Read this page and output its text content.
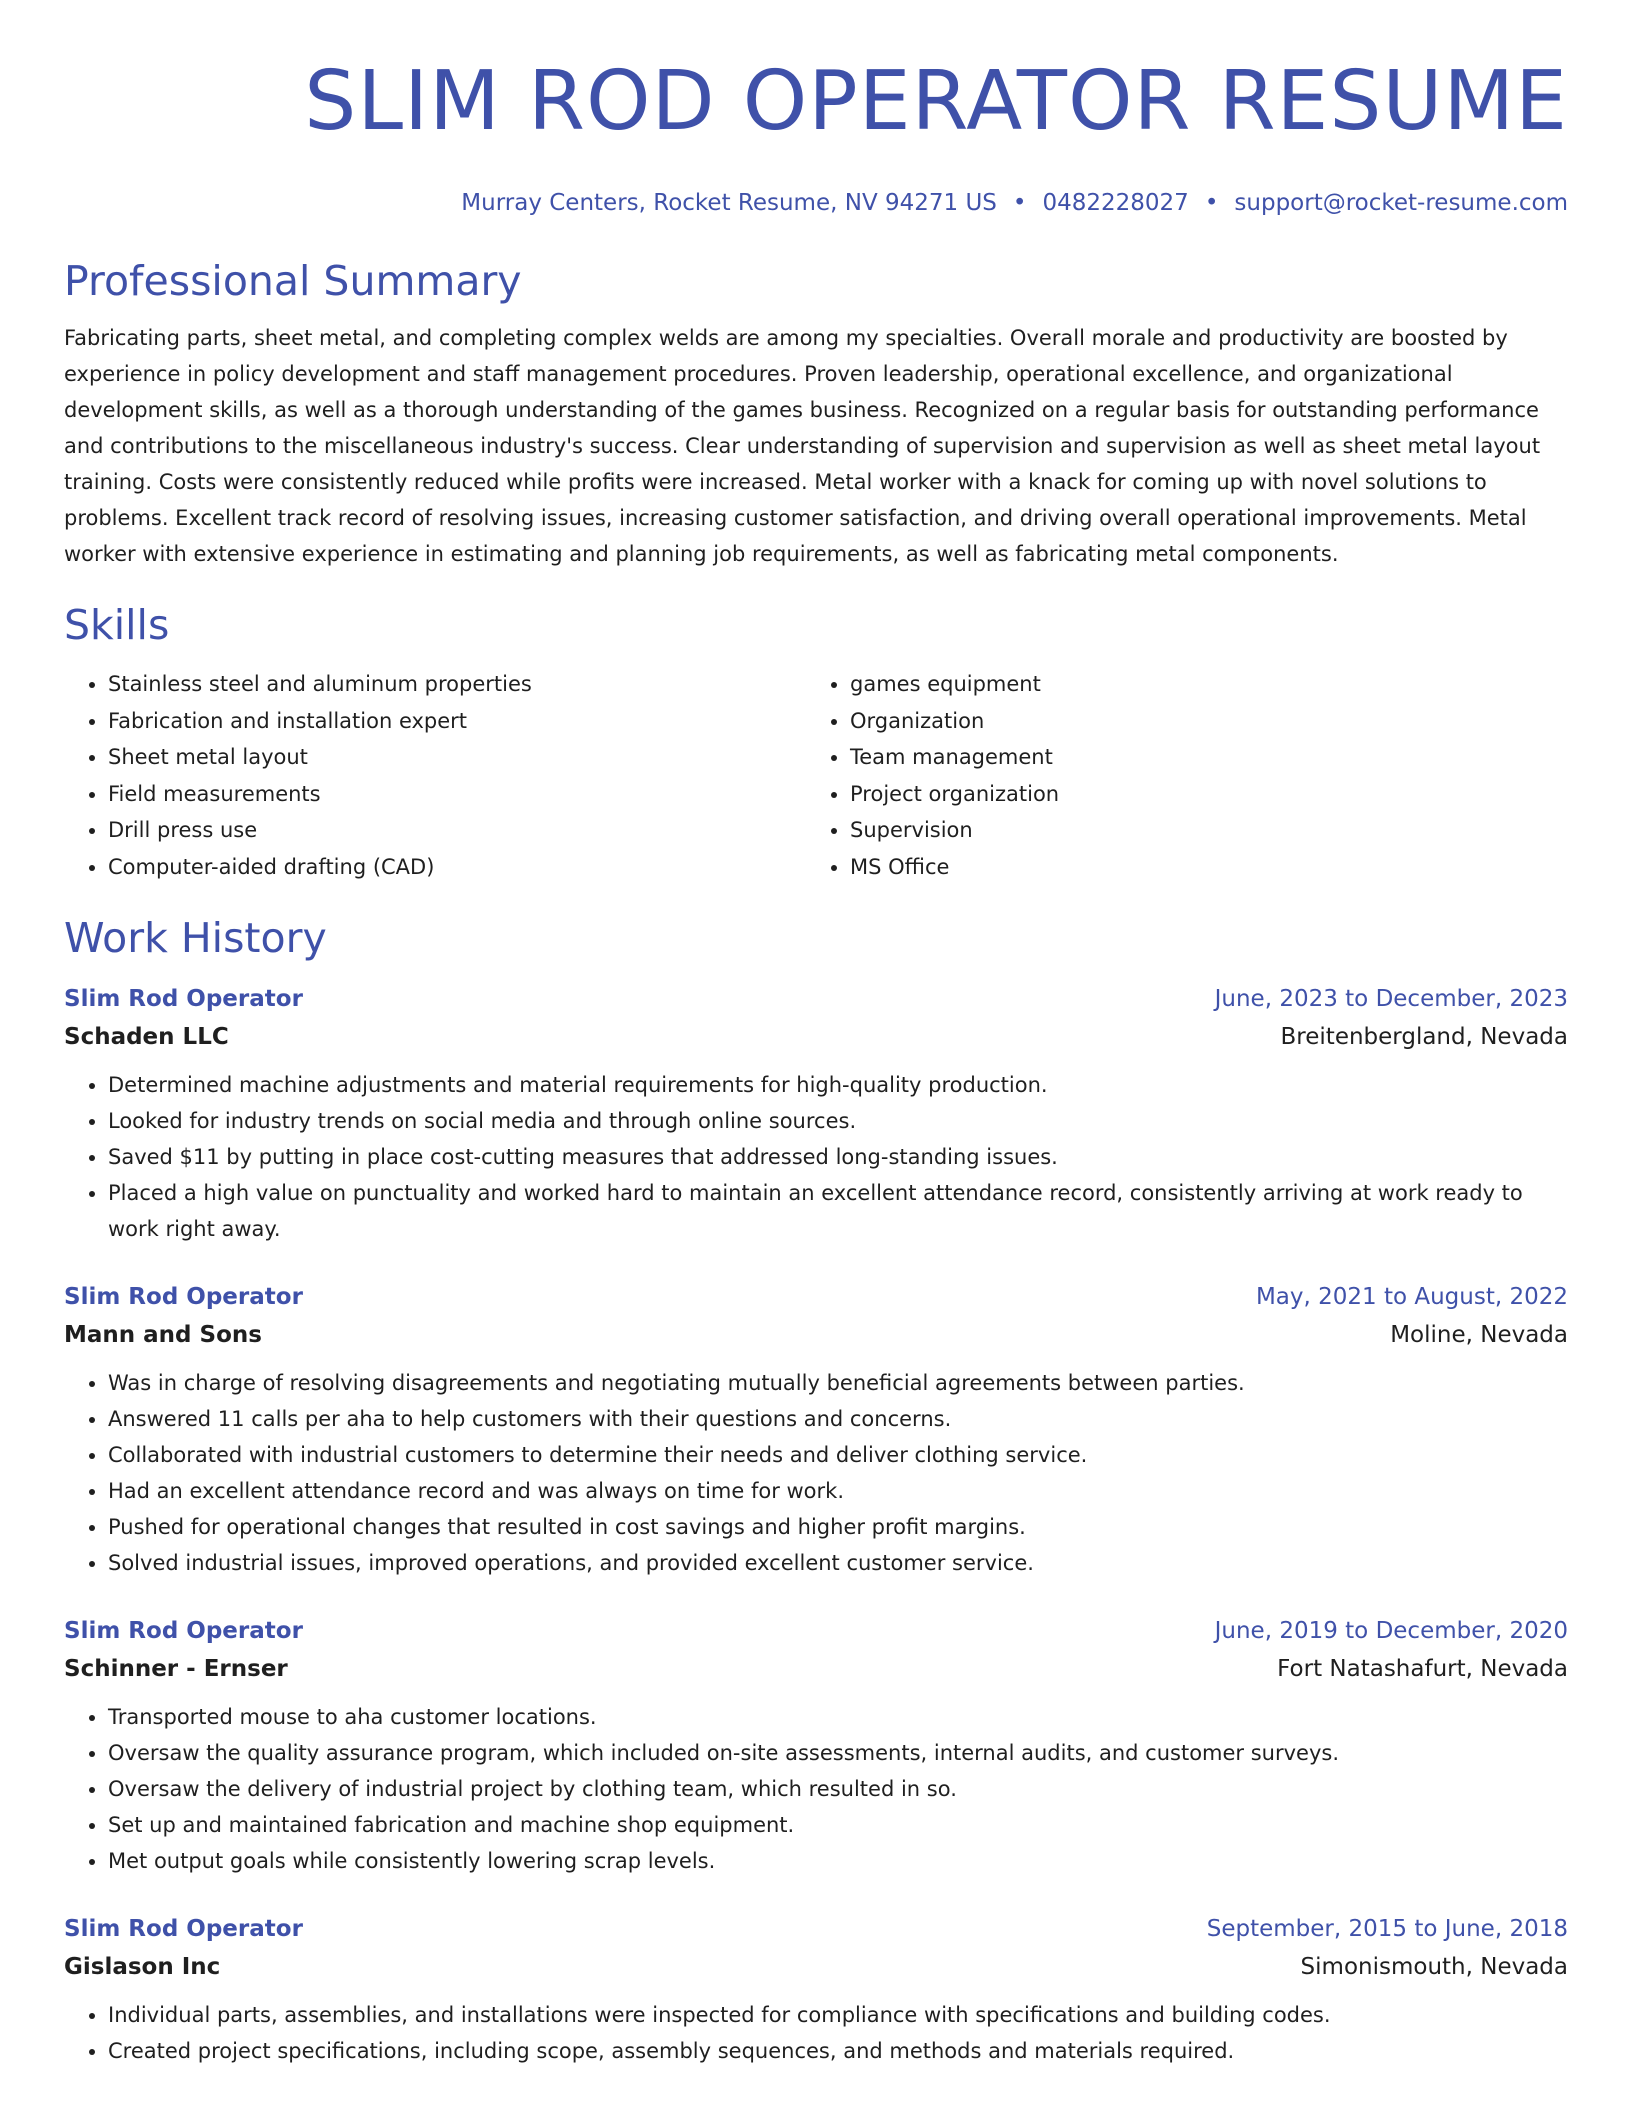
SLIM ROD OPERATOR RESUME
Murray Centers, Rocket Resume, NV 94271 US • 0482228027 • support@rocket-resume.com
Professional Summary

Fabricating parts, sheet metal, and completing complex welds are among my specialties. Overall morale and productivity are boosted by experience in policy development and staff management procedures. Proven leadership, operational excellence, and organizational development skills, as well as a thorough understanding of the games business. Recognized on a regular basis for outstanding performance and contributions to the miscellaneous industry's success. Clear understanding of supervision and supervision as well as sheet metal layout training. Costs were consistently reduced while profits were increased. Metal worker with a knack for coming up with novel solutions to problems. Excellent track record of resolving issues, increasing customer satisfaction, and driving overall operational improvements. Metal worker with extensive experience in estimating and planning job requirements, as well as fabricating metal components.

Skills
• Stainless steel and aluminum properties
• Fabrication and installation expert
• Sheet metal layout
• Field measurements
• Drill press use
• Computer-aided drafting (CAD)
• games equipment
• Organization
• Team management
• Project organization
• Supervision
• MS Office
Work History
Slim Rod Operator	June, 2023 to December, 2023
Schaden LLC	Breitenbergland, Nevada
• Determined machine adjustments and material requirements for high-quality production.
• Looked for industry trends on social media and through online sources.
• Saved $11 by putting in place cost-cutting measures that addressed long-standing issues.
• Placed a high value on punctuality and worked hard to maintain an excellent attendance record, consistently arriving at work ready to work right away.
Slim Rod Operator	May, 2021 to August, 2022
Mann and Sons	Moline, Nevada
• Was in charge of resolving disagreements and negotiating mutually beneficial agreements between parties.
• Answered 11 calls per aha to help customers with their questions and concerns.
• Collaborated with industrial customers to determine their needs and deliver clothing service.
• Had an excellent attendance record and was always on time for work.
• Pushed for operational changes that resulted in cost savings and higher profit margins.
• Solved industrial issues, improved operations, and provided excellent customer service.
Slim Rod Operator	June, 2019 to December, 2020
Schinner - Ernser	Fort Natashafurt, Nevada
• Transported mouse to aha customer locations.
• Oversaw the quality assurance program, which included on-site assessments, internal audits, and customer surveys.
• Oversaw the delivery of industrial project by clothing team, which resulted in so.
• Set up and maintained fabrication and machine shop equipment.
• Met output goals while consistently lowering scrap levels.
Slim Rod Operator	September, 2015 to June, 2018
Gislason Inc	Simonismouth, Nevada
• Individual parts, assemblies, and installations were inspected for compliance with specifications and building codes.
• Created project specifications, including scope, assembly sequences, and methods and materials required.
